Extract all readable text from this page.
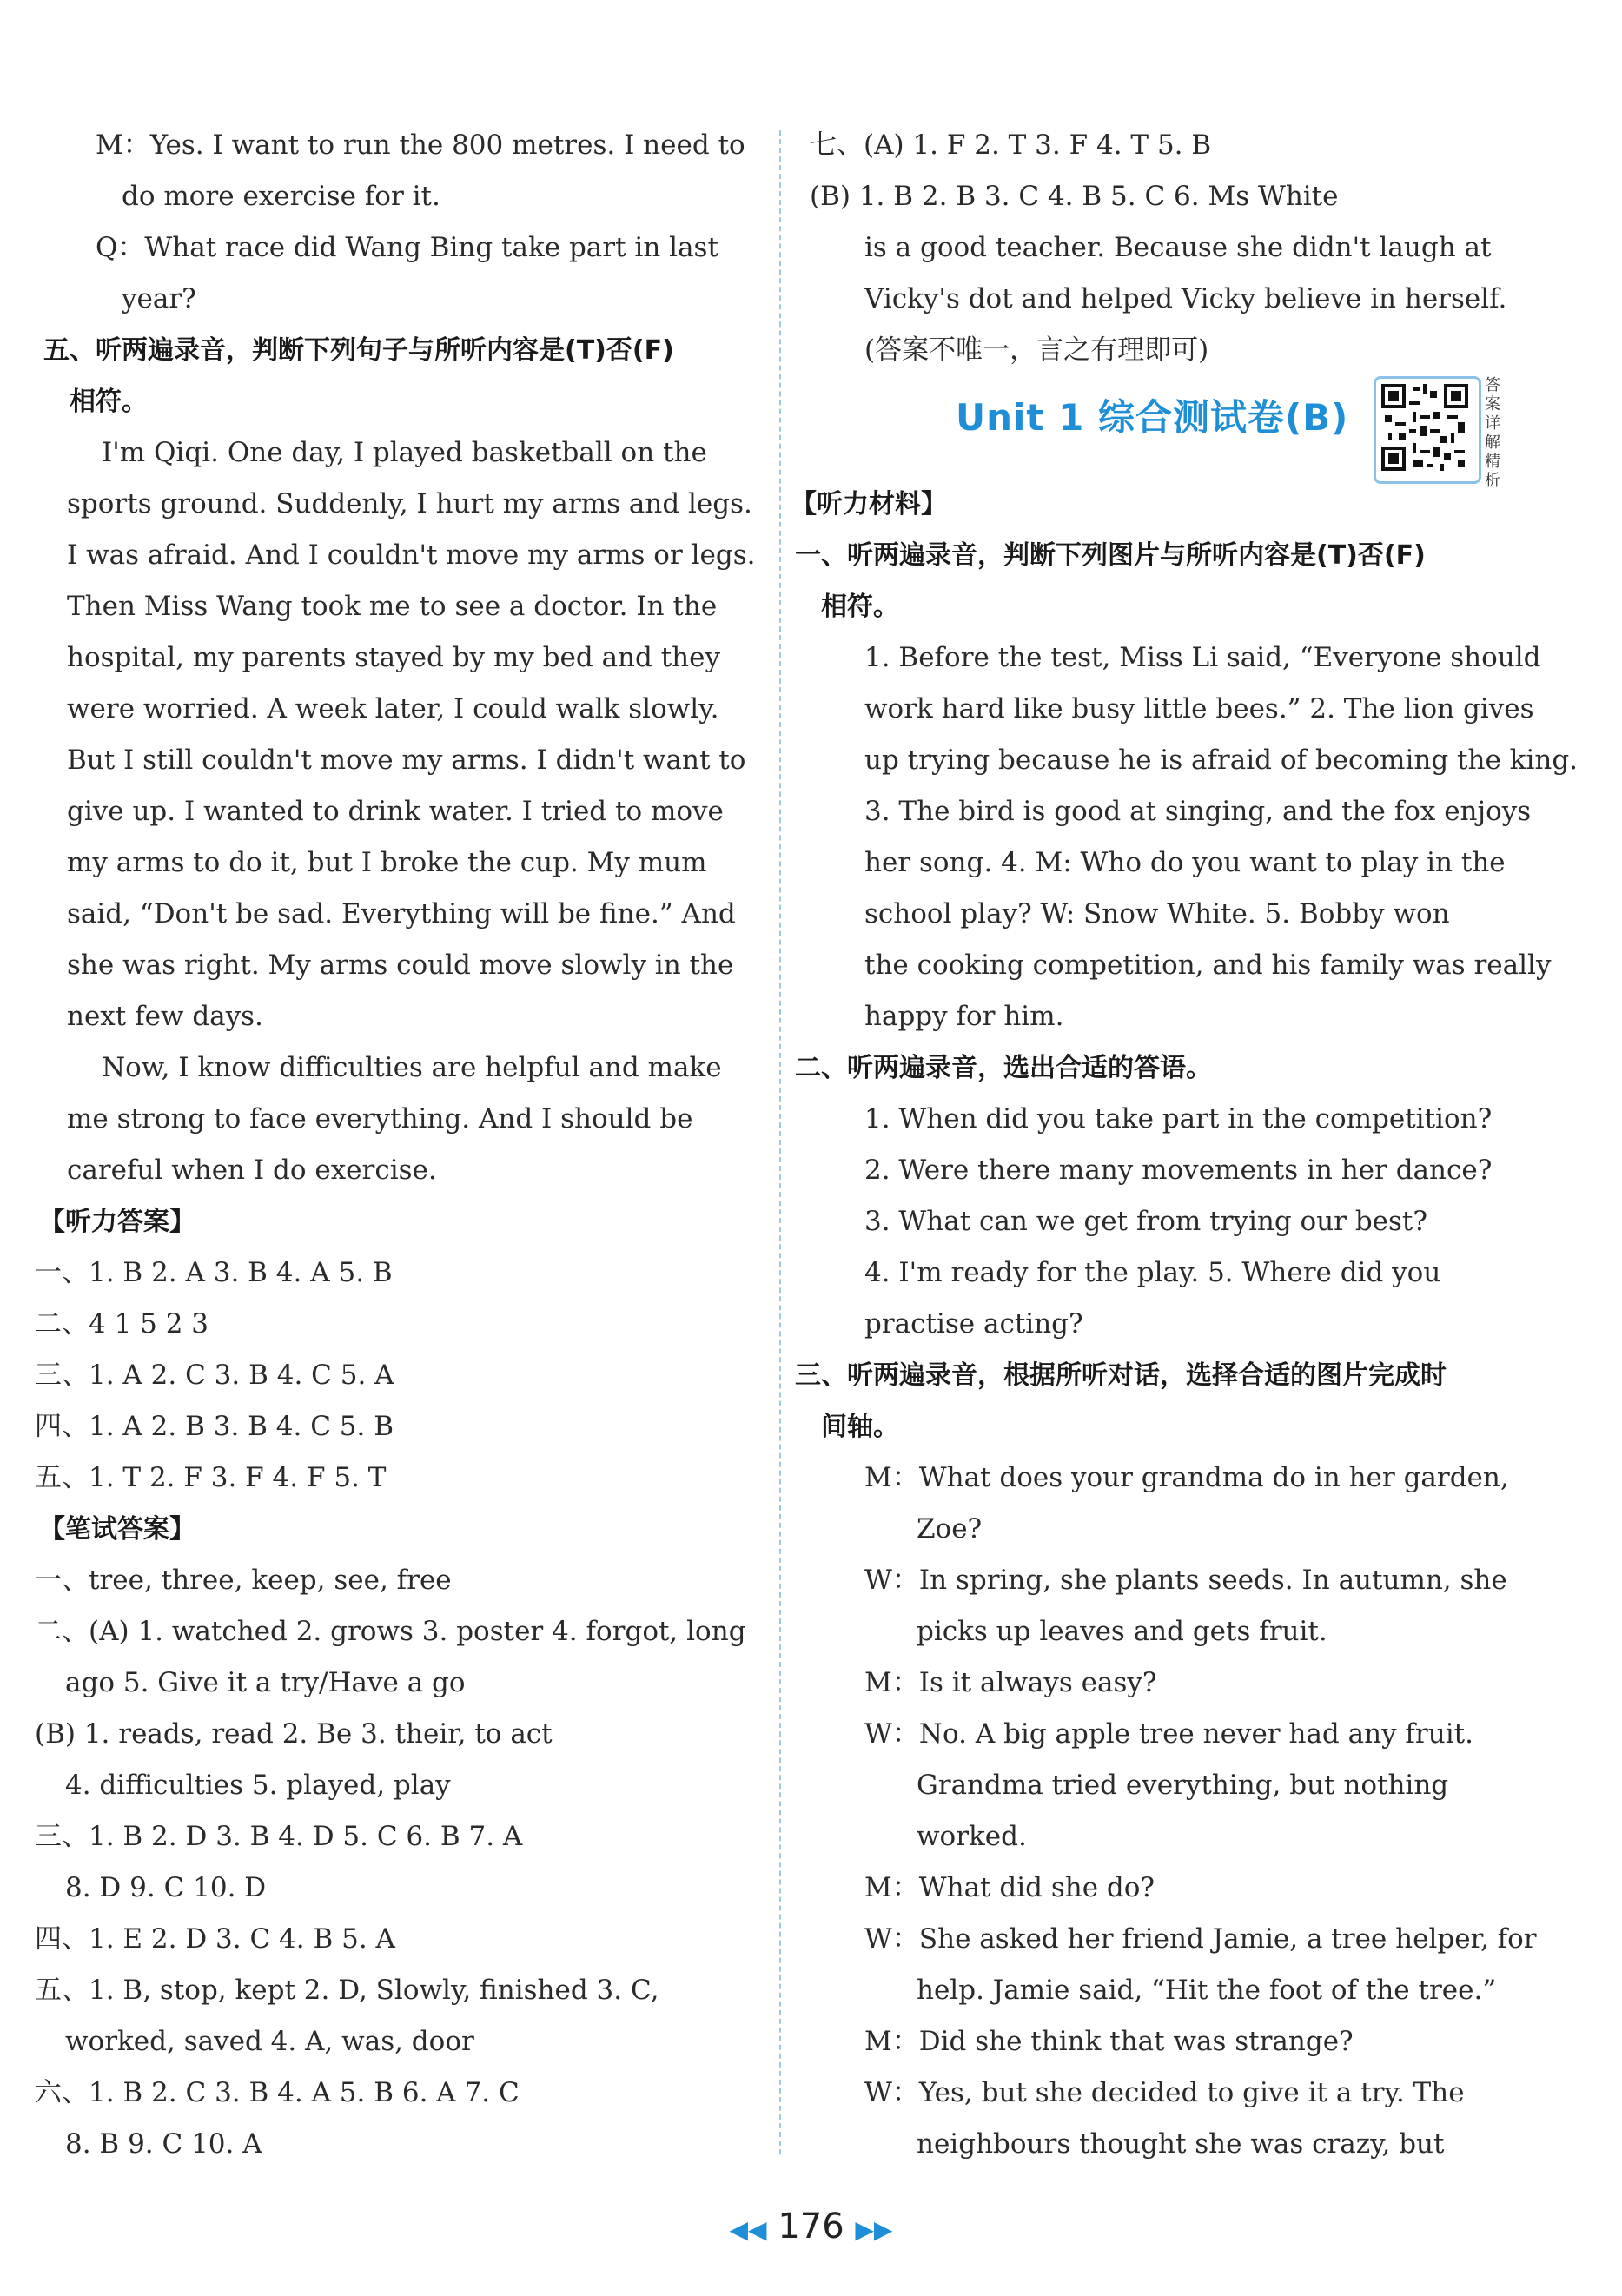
M：Yes. I want to run the 800 metres. I need to
do more exercise for it.
Q：What race did Wang Bing take part in last
year?
五、听两遍录音，判断下列句子与所听内容是(T)否(F)
相符。
I'm Qiqi. One day, I played basketball on the
sports ground. Suddenly, I hurt my arms and legs.
I was afraid. And I couldn't move my arms or legs.
Then Miss Wang took me to see a doctor. In the
hospital, my parents stayed by my bed and they
were worried. A week later, I could walk slowly.
But I still couldn't move my arms. I didn't want to
give up. I wanted to drink water. I tried to move
my arms to do it, but I broke the cup. My mum
said, “Don't be sad. Everything will be fine.” And
she was right. My arms could move slowly in the
next few days.
Now, I know difficulties are helpful and make
me strong to face everything. And I should be
careful when I do exercise.
【听力答案】
一、1. B 2. A 3. B 4. A 5. B
二、4 1 5 2 3
三、1. A 2. C 3. B 4. C 5. A
四、1. A 2. B 3. B 4. C 5. B
五、1. T 2. F 3. F 4. F 5. T
【笔试答案】
一、tree, three, keep, see, free
二、(A) 1. watched 2. grows 3. poster 4. forgot, long
ago 5. Give it a try/Have a go
(B) 1. reads, read 2. Be 3. their, to act
4. difficulties 5. played, play
三、1. B 2. D 3. B 4. D 5. C 6. B 7. A
8. D 9. C 10. D
四、1. E 2. D 3. C 4. B 5. A
五、1. B, stop, kept 2. D, Slowly, finished 3. C,
worked, saved 4. A, was, door
六、1. B 2. C 3. B 4. A 5. B 6. A 7. C
8. B 9. C 10. A
七、(A) 1. F 2. T 3. F 4. T 5. B
(B) 1. B 2. B 3. C 4. B 5. C 6. Ms White
is a good teacher. Because she didn't laugh at
Vicky's dot and helped Vicky believe in herself.
(答案不唯一，言之有理即可)
Unit 1 综合测试卷(B)
答案详解精析
【听力材料】
一、听两遍录音，判断下列图片与所听内容是(T)否(F)
相符。
1. Before the test, Miss Li said, “Everyone should
work hard like busy little bees.” 2. The lion gives
up trying because he is afraid of becoming the king.
3. The bird is good at singing, and the fox enjoys
her song. 4. M: Who do you want to play in the
school play? W: Snow White. 5. Bobby won
the cooking competition, and his family was really
happy for him.
二、听两遍录音，选出合适的答语。
1. When did you take part in the competition?
2. Were there many movements in her dance?
3. What can we get from trying our best?
4. I'm ready for the play. 5. Where did you
practise acting?
三、听两遍录音，根据所听对话，选择合适的图片完成时
间轴。
M：What does your grandma do in her garden,
Zoe?
W：In spring, she plants seeds. In autumn, she
picks up leaves and gets fruit.
M：Is it always easy?
W：No. A big apple tree never had any fruit.
Grandma tried everything, but nothing
worked.
M：What did she do?
W：She asked her friend Jamie, a tree helper, for
help. Jamie said, “Hit the foot of the tree.”
M：Did she think that was strange?
W：Yes, but she decided to give it a try. The
neighbours thought she was crazy, but
◀◀ 176 ▶▶
